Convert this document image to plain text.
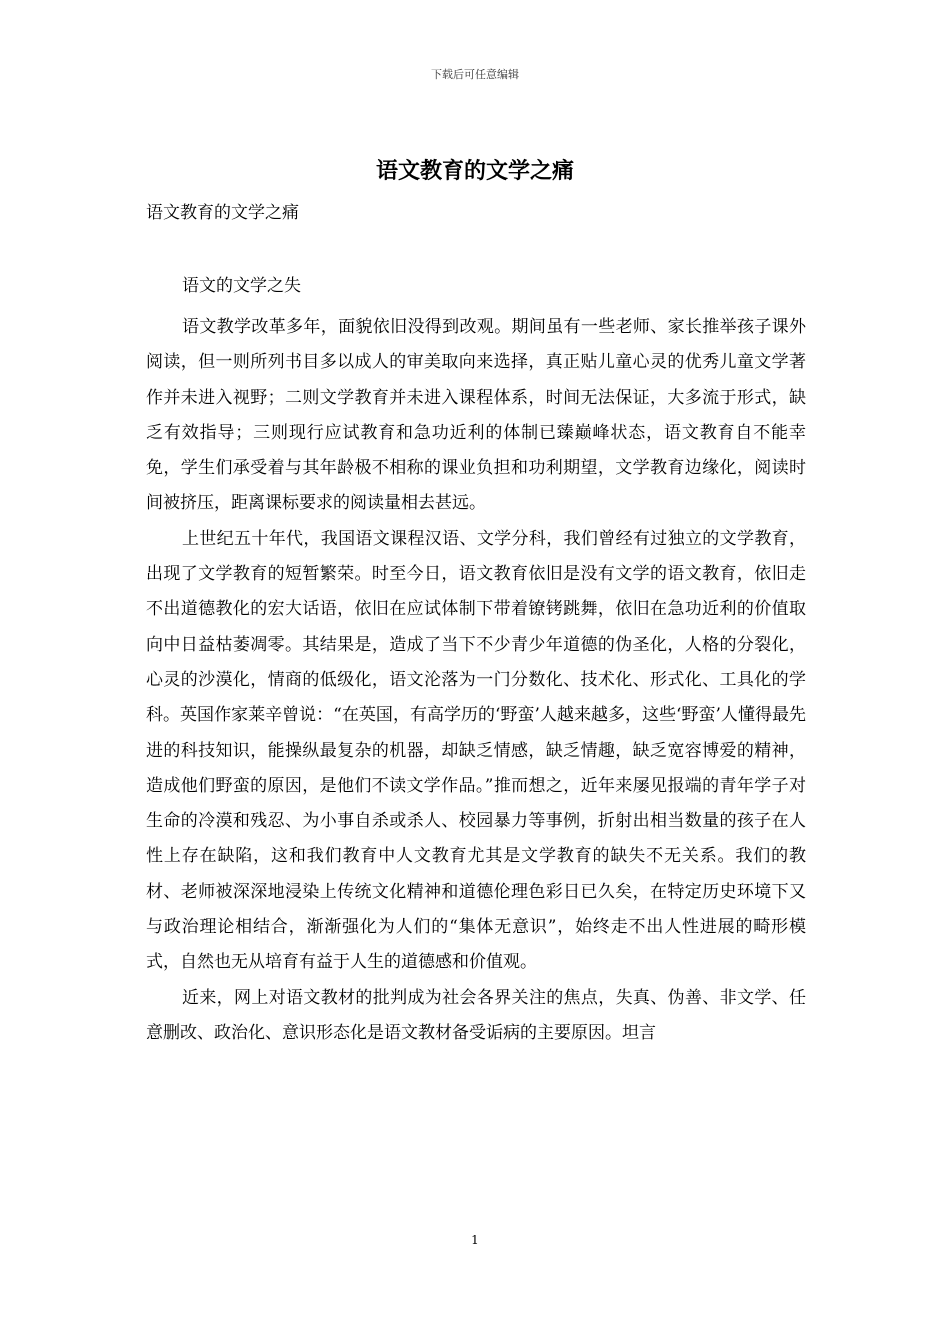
下载后可任意编辑
语文教育的文学之痛
语文教育的文学之痛
语文的文学之失

语文教学改革多年，面貌依旧没得到改观。期间虽有一些老师、家长推举孩子课外阅读，但一则所列书目多以成人的审美取向来选择，真正贴儿童心灵的优秀儿童文学著作并未进入视野；二则文学教育并未进入课程体系，时间无法保证，大多流于形式，缺乏有效指导；三则现行应试教育和急功近利的体制已臻巅峰状态，语文教育自不能幸免，学生们承受着与其年龄极不相称的课业负担和功利期望，文学教育边缘化，阅读时间被挤压，距离课标要求的阅读量相去甚远。

上世纪五十年代，我国语文课程汉语、文学分科，我们曾经有过独立的文学教育，出现了文学教育的短暂繁荣。时至今日，语文教育依旧是没有文学的语文教育，依旧走不出道德教化的宏大话语，依旧在应试体制下带着镣铐跳舞，依旧在急功近利的价值取向中日益枯萎凋零。其结果是，造成了当下不少青少年道德的伪圣化，人格的分裂化，心灵的沙漠化，情商的低级化，语文沦落为一门分数化、技术化、形式化、工具化的学科。英国作家莱辛曾说：“在英国，有高学历的‘野蛮’人越来越多，这些‘野蛮’人懂得最先进的科技知识，能操纵最复杂的机器，却缺乏情感，缺乏情趣，缺乏宽容博爱的精神，造成他们野蛮的原因，是他们不读文学作品。”推而想之，近年来屡见报端的青年学子对生命的冷漠和残忍、为小事自杀或杀人、校园暴力等事例，折射出相当数量的孩子在人性上存在缺陷，这和我们教育中人文教育尤其是文学教育的缺失不无关系。我们的教材、老师被深深地浸染上传统文化精神和道德伦理色彩日已久矣，在特定历史环境下又与政治理论相结合，渐渐强化为人们的“集体无意识”，始终走不出人性进展的畸形模式，自然也无从培育有益于人生的道德感和价值观。

近来，网上对语文教材的批判成为社会各界关注的焦点，失真、伪善、非文学、任意删改、政治化、意识形态化是语文教材备受诟病的主要原因。坦言

1
